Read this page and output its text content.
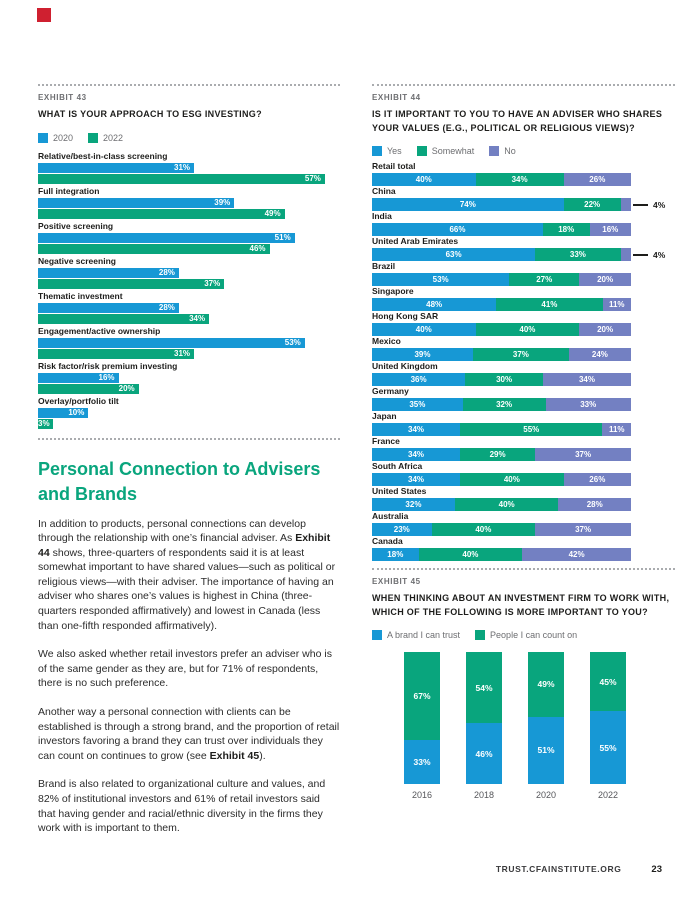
EXHIBIT 43
WHAT IS YOUR APPROACH TO ESG INVESTING?
2020	2022
Relative/best-in-class screening
31%
57%
Full integration
39%
49%
Positive screening
51%
46%
Negative screening
28%
37%
Thematic investment
28%
34%
Engagement/active ownership
53%
31%
Risk factor/risk premium investing
16%
20%
Overlay/portfolio tilt
10%
3%
Personal Connection to Advisers and Brands

In addition to products, personal connections can develop through the relationship with one’s financial adviser. As Exhibit 44 shows, three-quarters of respondents said it is at least somewhat important to have shared values—such as political or religious views—with their adviser. The importance of having an adviser who shares one’s values is highest in China (three-quarters responded affirmatively) and lowest in Canada (less than one-fifth responded affirmatively).

We also asked whether retail investors prefer an adviser who is of the same gender as they are, but for 71% of respondents, there is no such preference.

Another way a personal connection with clients can be established is through a strong brand, and the proportion of retail investors favoring a brand they can trust over individuals they can count on continues to grow (see Exhibit 45).

Brand is also related to organizational culture and values, and 82% of institutional investors and 61% of retail investors said that having gender and racial/ethnic diversity in the firms they work with is important to them.

EXHIBIT 44
IS IT IMPORTANT TO YOU TO HAVE AN ADVISER WHO SHARES YOUR VALUES (E.G., POLITICAL OR RELIGIOUS VIEWS)?
Yes	Somewhat	No
Retail total
40%	34%	26%
China
74%	22%	4%
India
66%	18%	16%
United Arab Emirates
63%	33%	4%
Brazil
53%	27%	20%
Singapore
48%	41%	11%
Hong Kong SAR
40%	40%	20%
Mexico
39%	37%	24%
United Kingdom
36%	30%	34%
Germany
35%	32%	33%
Japan
34%	55%	11%
France
34%	29%	37%
South Africa
34%	40%	26%
United States
32%	40%	28%
Australia
23%	40%	37%
Canada
18%	40%	42%
EXHIBIT 45
WHEN THINKING ABOUT AN INVESTMENT FIRM TO WORK WITH, WHICH OF THE FOLLOWING IS MORE IMPORTANT TO YOU?
A brand I can trust	People I can count on
67%
33%
2016
54%
46%
2018
49%
51%
2020
45%
55%
2022
TRUST.CFAINSTITUTE.ORG	23
